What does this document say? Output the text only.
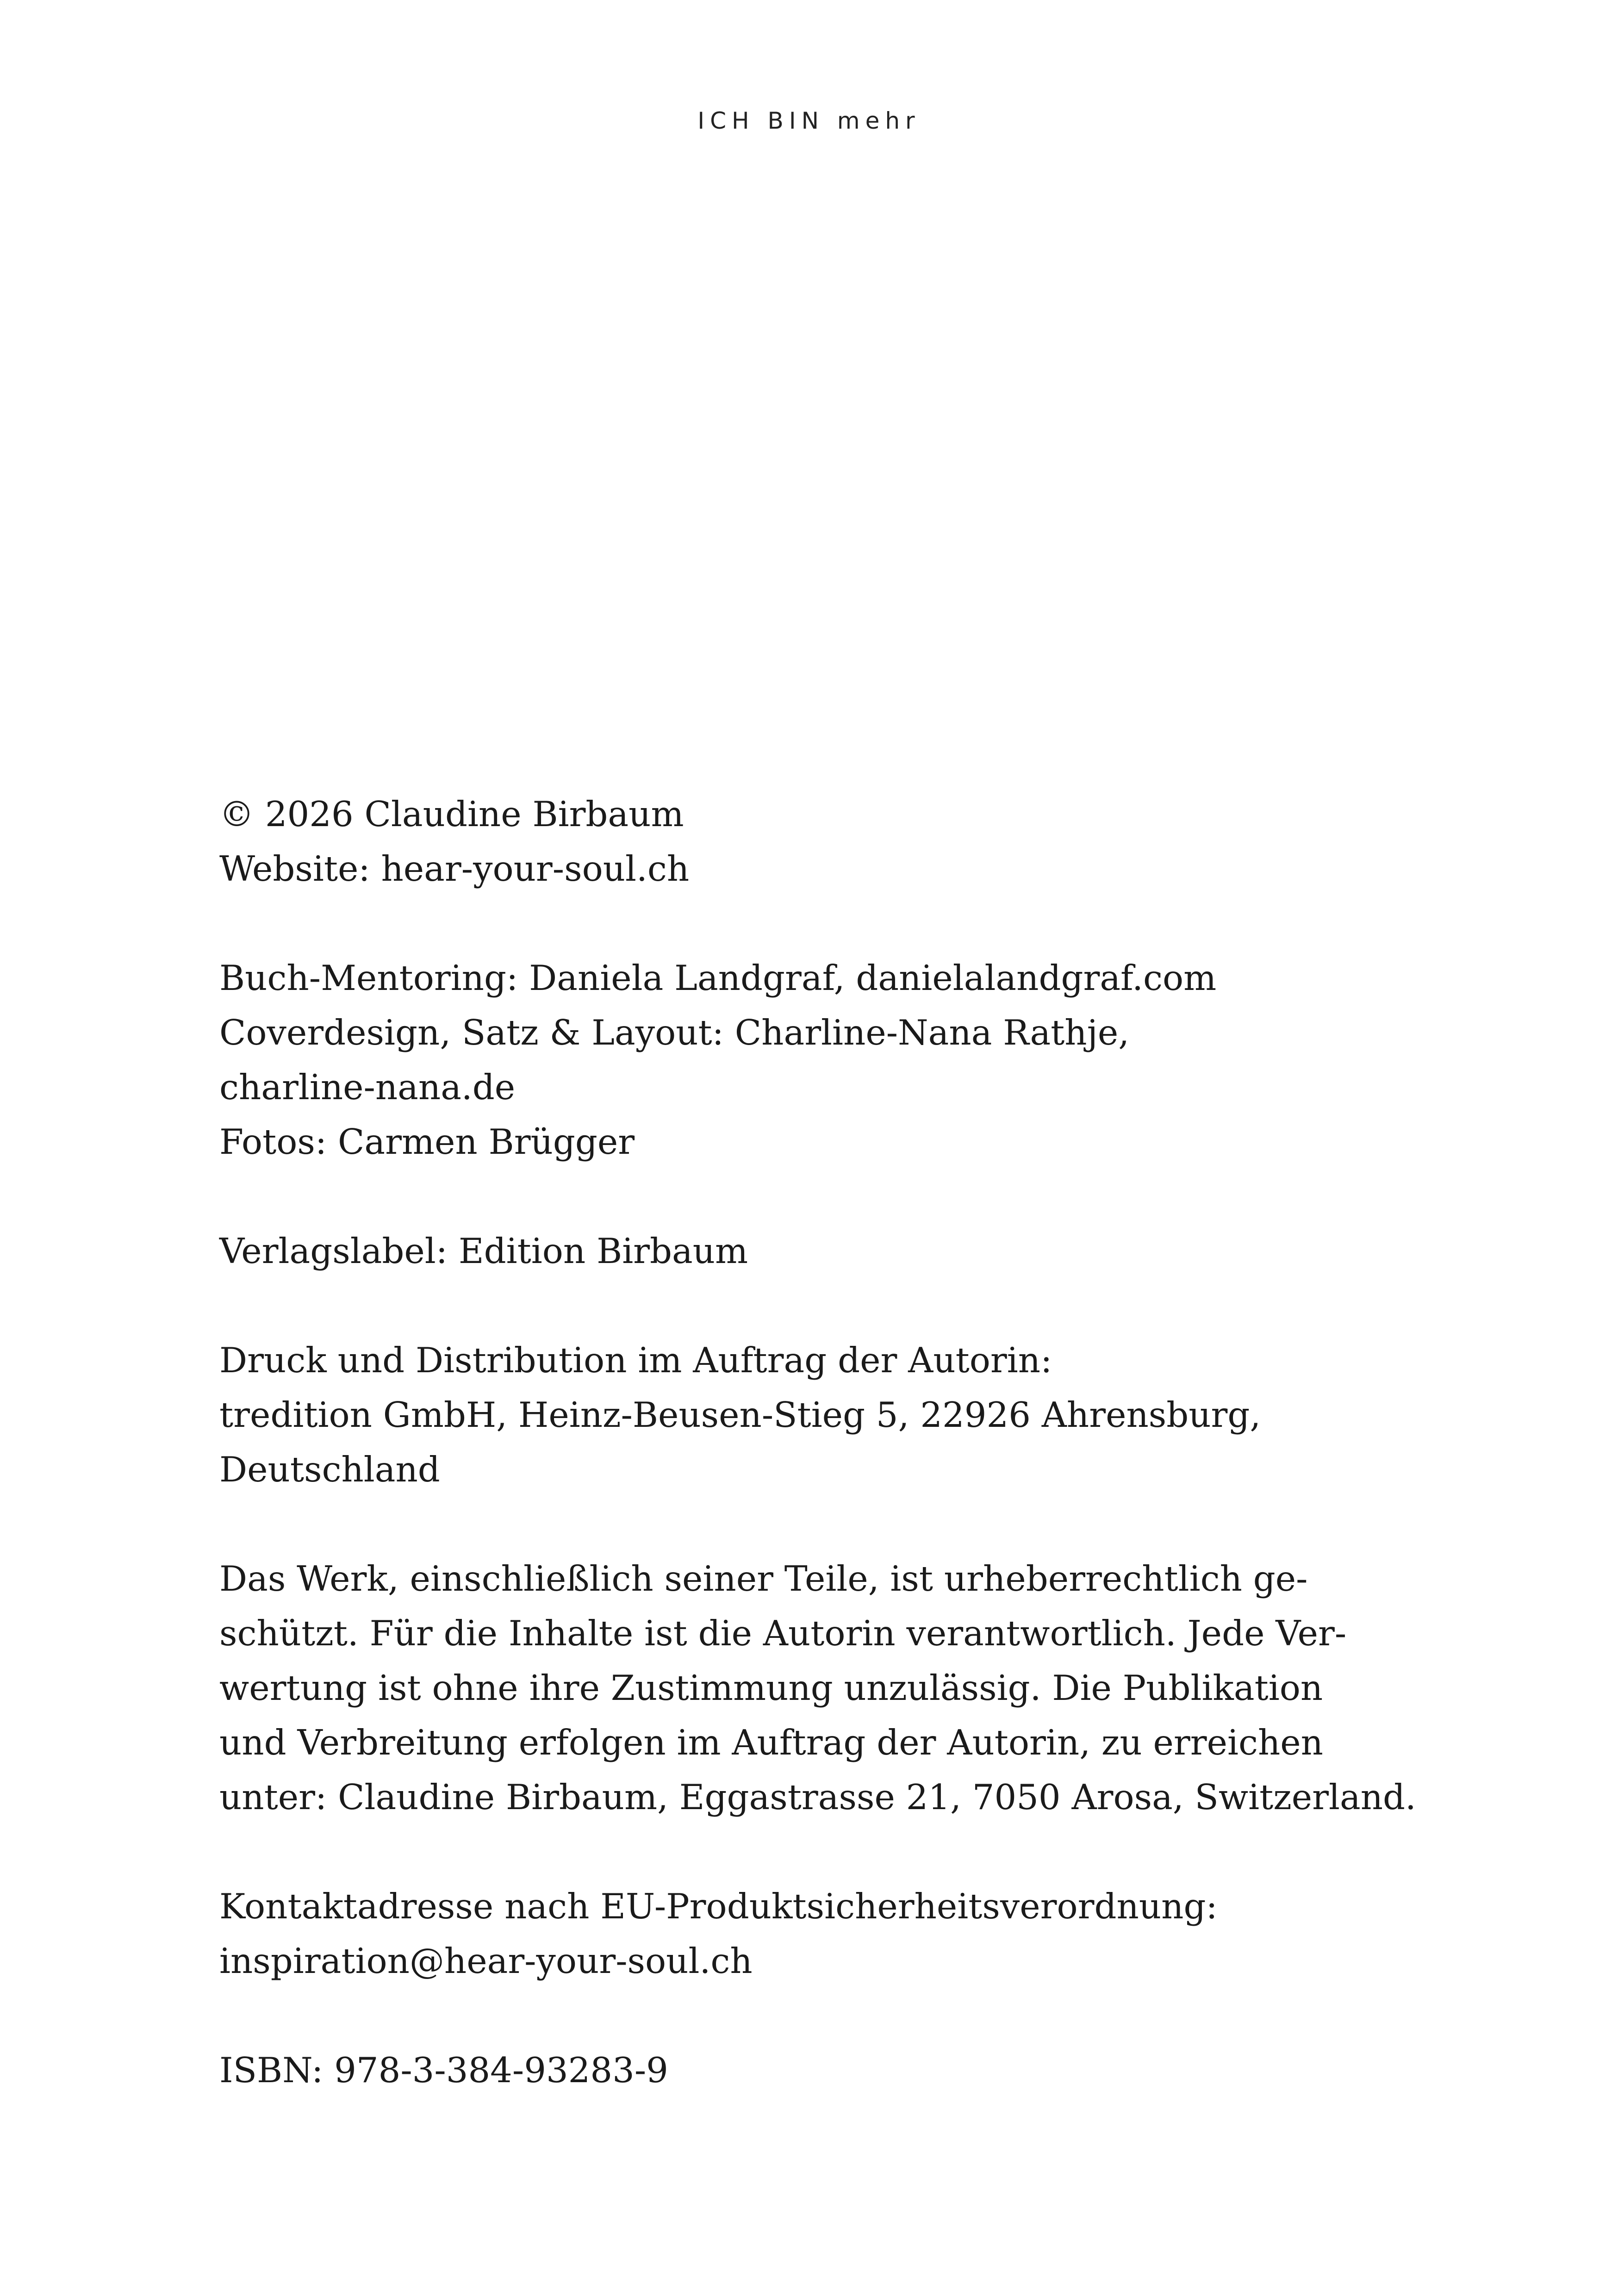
ICH BIN mehr
© 2026 Claudine Birbaum
Website: hear-your-soul.ch
Buch-Mentoring: Daniela Landgraf, danielalandgraf.com
Coverdesign, Satz & Layout: Charline-Nana Rathje,
charline-nana.de
Fotos: Carmen Brügger
Verlagslabel: Edition Birbaum
Druck und Distribution im Auftrag der Autorin:
tredition GmbH, Heinz-Beusen-Stieg 5, 22926 Ahrensburg,
Deutschland
Das Werk, einschließlich seiner Teile, ist urheberrechtlich ge-
schützt. Für die Inhalte ist die Autorin verantwortlich. Jede Ver-
wertung ist ohne ihre Zustimmung unzulässig. Die Publikation
und Verbreitung erfolgen im Auftrag der Autorin, zu erreichen
unter: Claudine Birbaum, Eggastrasse 21, 7050 Arosa, Switzerland.
Kontaktadresse nach EU-Produktsicherheitsverordnung:
inspiration@hear-your-soul.ch
ISBN: 978-3-384-93283-9
